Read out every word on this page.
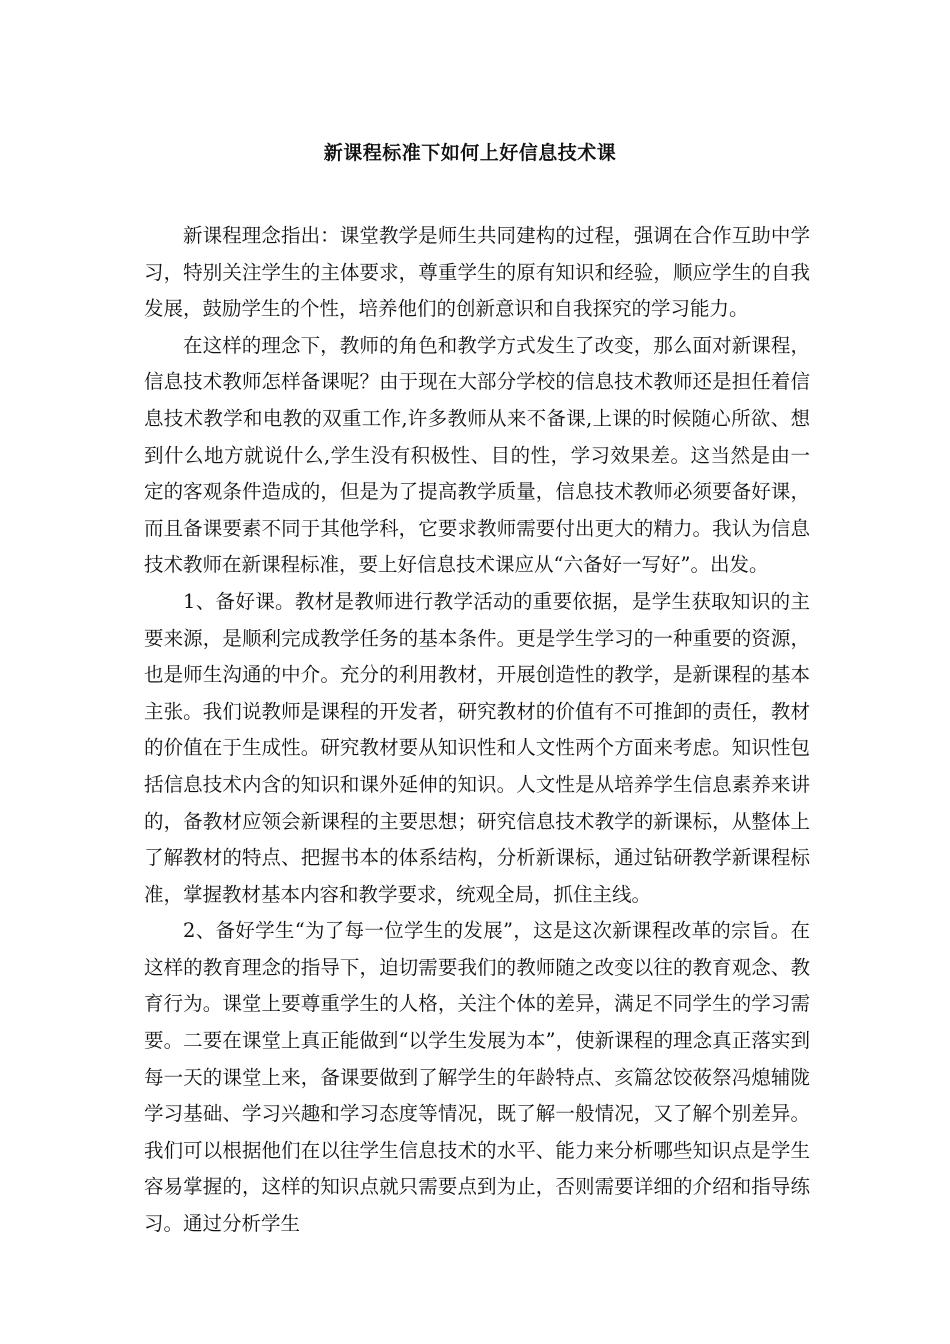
新课程标准下如何上好信息技术课

新课程理念指出：课堂教学是师生共同建构的过程，强调在合作互助中学习，特别关注学生的主体要求，尊重学生的原有知识和经验，顺应学生的自我发展，鼓励学生的个性，培养他们的创新意识和自我探究的学习能力。

在这样的理念下，教师的角色和教学方式发生了改变，那么面对新课程，信息技术教师怎样备课呢？由于现在大部分学校的信息技术教师还是担任着信息技术教学和电教的双重工作,许多教师从来不备课,上课的时候随心所欲、想到什么地方就说什么,学生没有积极性、目的性，学习效果差。这当然是由一定的客观条件造成的，但是为了提高教学质量，信息技术教师必须要备好课，而且备课要素不同于其他学科，它要求教师需要付出更大的精力。我认为信息技术教师在新课程标准，要上好信息技术课应从“六备好一写好”。出发。

1、备好课。教材是教师进行教学活动的重要依据，是学生获取知识的主要来源，是顺利完成教学任务的基本条件。更是学生学习的一种重要的资源，也是师生沟通的中介。充分的利用教材，开展创造性的教学，是新课程的基本主张。我们说教师是课程的开发者，研究教材的价值有不可推卸的责任，教材的价值在于生成性。研究教材要从知识性和人文性两个方面来考虑。知识性包括信息技术内含的知识和课外延伸的知识。人文性是从培养学生信息素养来讲的，备教材应领会新课程的主要思想；研究信息技术教学的新课标，从整体上了解教材的特点、把握书本的体系结构，分析新课标，通过钻研教学新课程标准，掌握教材基本内容和教学要求，统观全局，抓住主线。

2、备好学生“为了每一位学生的发展”，这是这次新课程改革的宗旨。在这样的教育理念的指导下，迫切需要我们的教师随之改变以往的教育观念、教育行为。课堂上要尊重学生的人格，关注个体的差异，满足不同学生的学习需要。二要在课堂上真正能做到“以学生发展为本”，使新课程的理念真正落实到每一天的课堂上来，备课要做到了解学生的年龄特点、亥篇忿饺莜祭冯熄辅陇学习基础、学习兴趣和学习态度等情况，既了解一般情况，又了解个别差异。我们可以根据他们在以往学生信息技术的水平、能力来分析哪些知识点是学生容易掌握的，这样的知识点就只需要点到为止，否则需要详细的介绍和指导练习。通过分析学生
